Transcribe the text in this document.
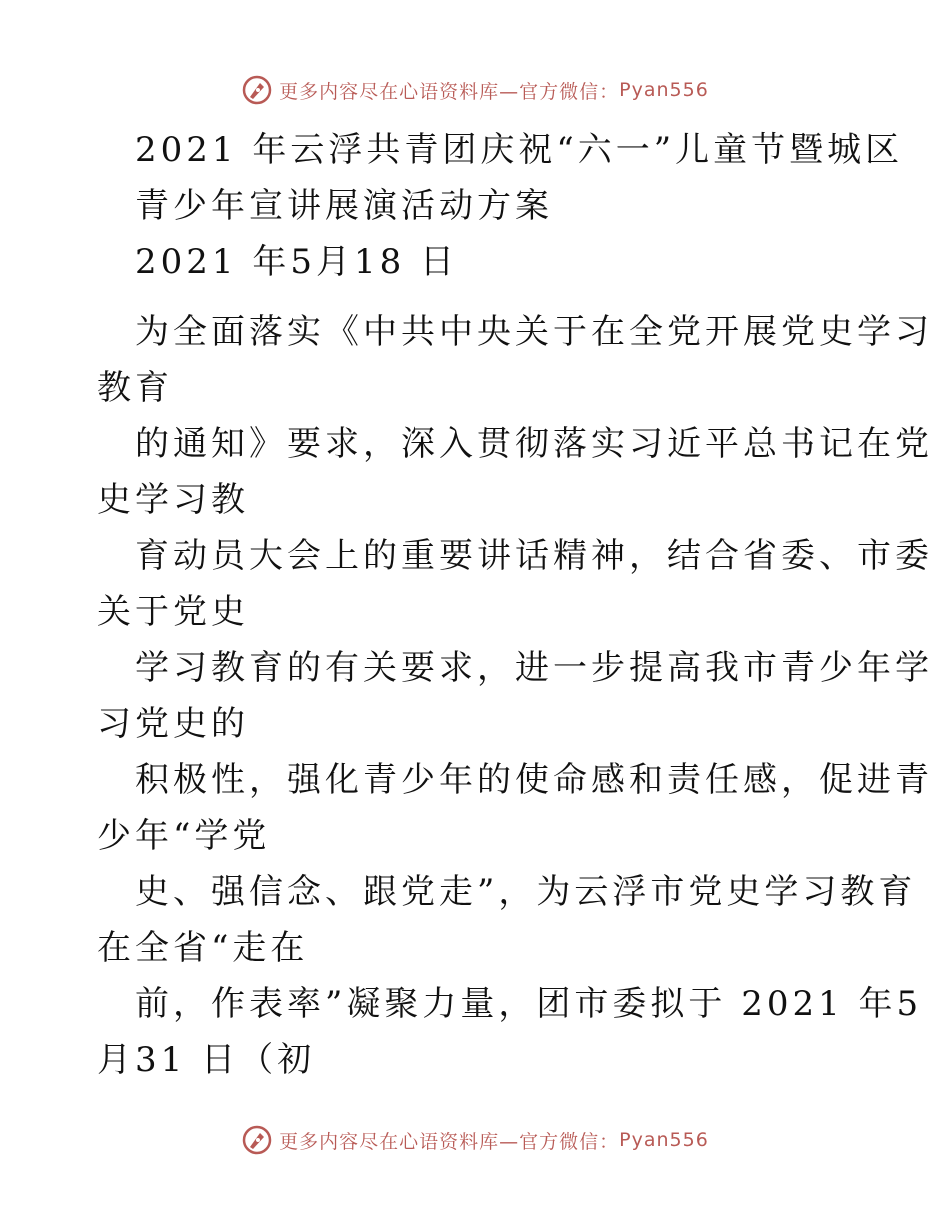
更多内容尽在心语资料库—官方微信： Pyan556
2021 年云浮共青团庆祝“六一”儿童节暨城区
青少年宣讲展演活动方案
2021 年5月18 日
为全面落实《中共中央关于在全党开展党史学习
教育
的通知》要求，深入贯彻落实习近平总书记在党
史学习教
育动员大会上的重要讲话精神，结合省委、市委
关于党史
学习教育的有关要求，进一步提高我市青少年学
习党史的
积极性，强化青少年的使命感和责任感，促进青
少年“学党
史、强信念、跟党走”，为云浮市党史学习教育
在全省“走在
前，作表率”凝聚力量，团市委拟于 2021 年5
月31 日（初
更多内容尽在心语资料库—官方微信： Pyan556
